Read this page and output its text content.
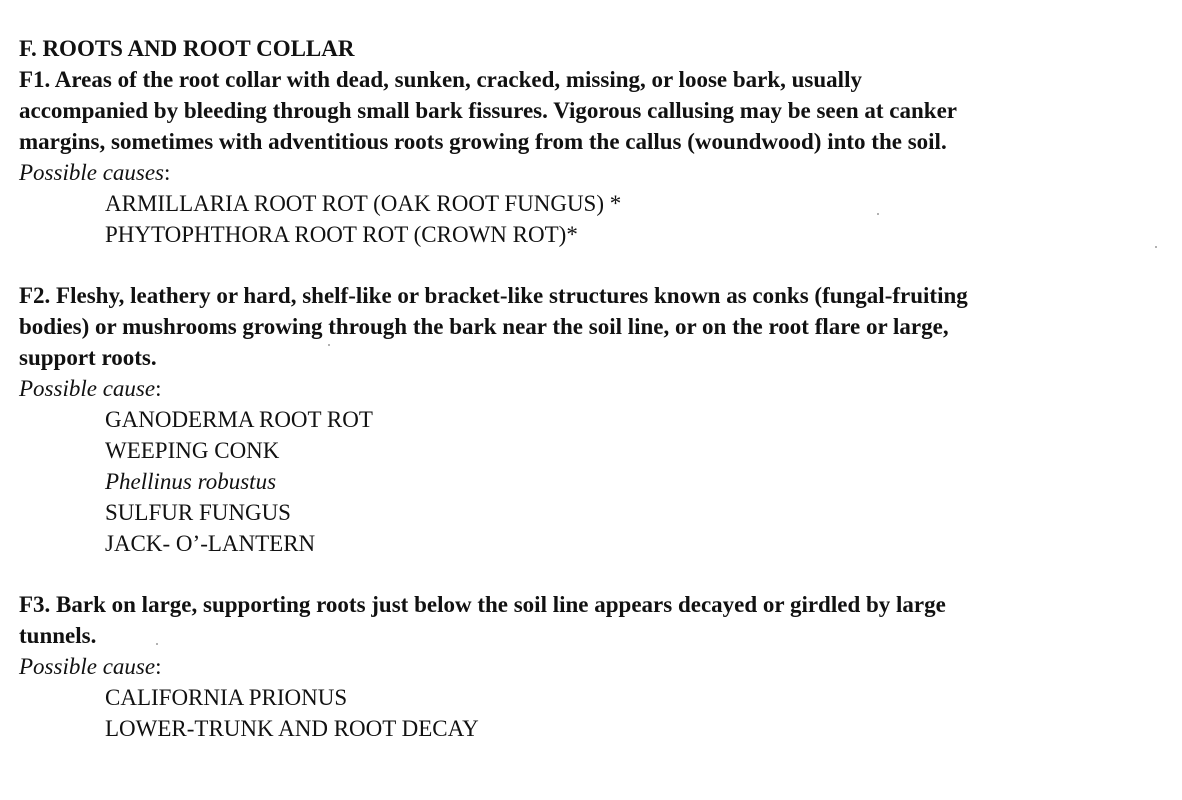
F. ROOTS AND ROOT COLLAR
F1. Areas of the root collar with dead, sunken, cracked, missing, or loose bark, usually
accompanied by bleeding through small bark fissures. Vigorous callusing may be seen at canker
margins, sometimes with adventitious roots growing from the callus (woundwood) into the soil.
Possible causes:
ARMILLARIA ROOT ROT (OAK ROOT FUNGUS) *
PHYTOPHTHORA ROOT ROT (CROWN ROT)*
F2. Fleshy, leathery or hard, shelf-like or bracket-like structures known as conks (fungal-fruiting
bodies) or mushrooms growing through the bark near the soil line, or on the root flare or large,
support roots.
Possible cause:
GANODERMA ROOT ROT
WEEPING CONK
Phellinus robustus
SULFUR FUNGUS
JACK- O’-LANTERN
F3. Bark on large, supporting roots just below the soil line appears decayed or girdled by large
tunnels.
Possible cause:
CALIFORNIA PRIONUS
LOWER-TRUNK AND ROOT DECAY
